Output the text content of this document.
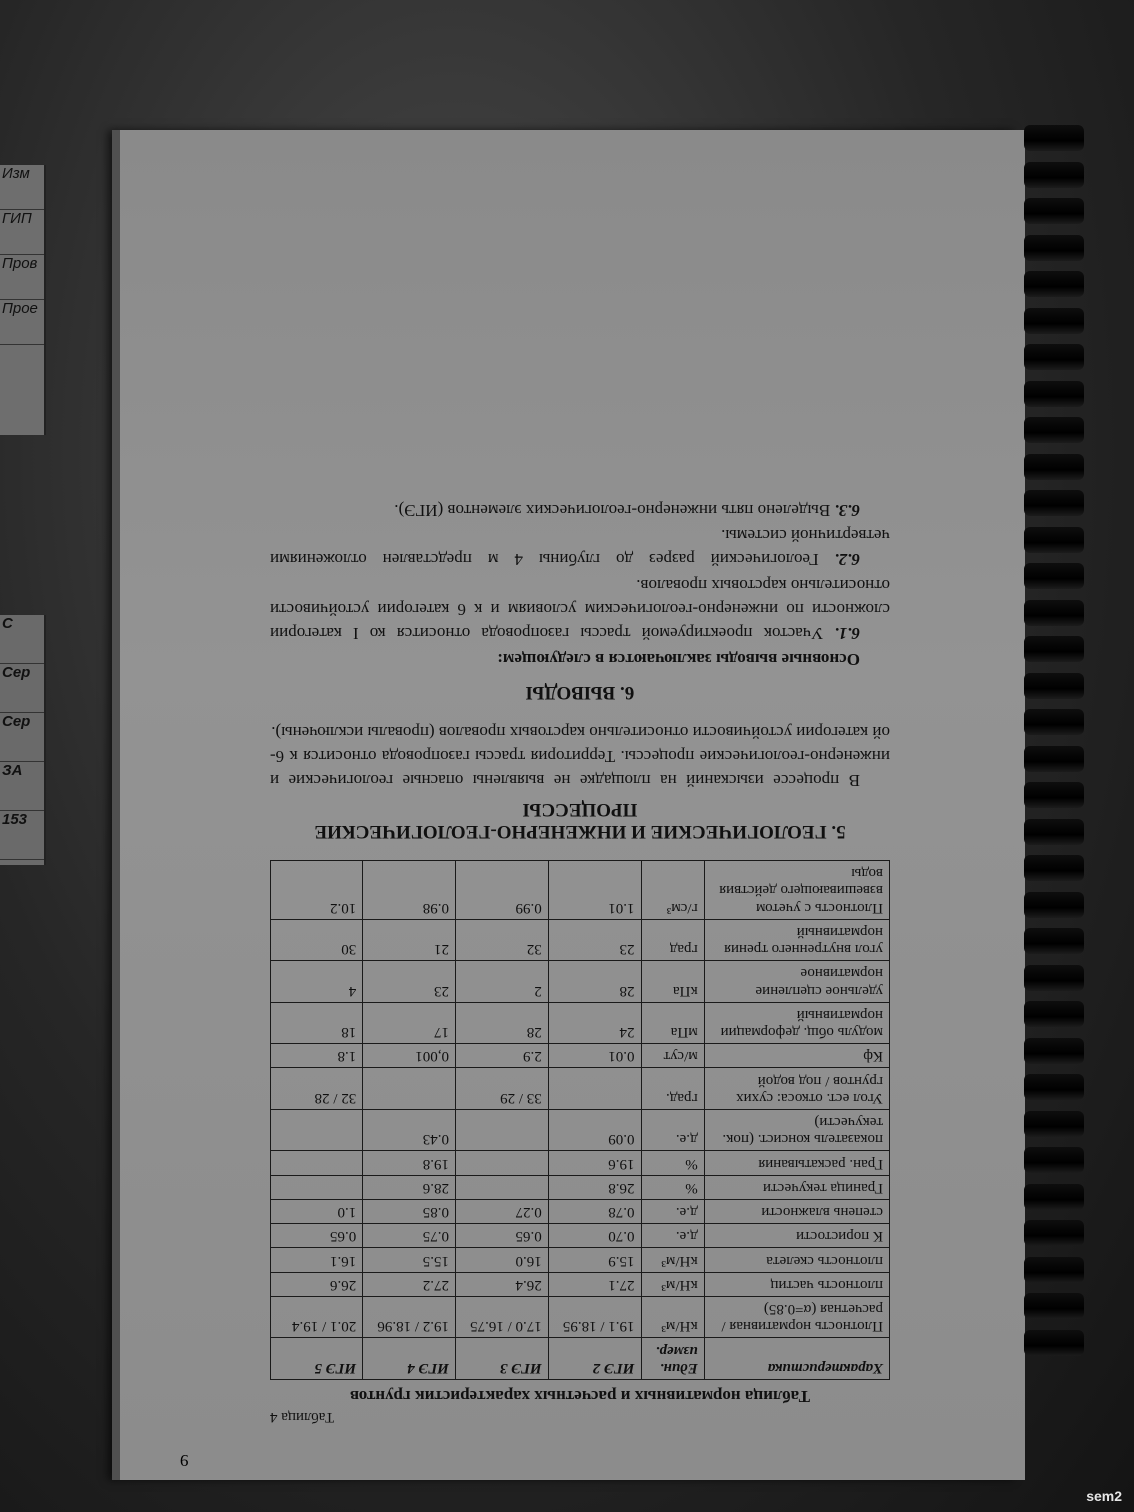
Изм
ГИП
Пров
Прое
С
Сер
Сер
ЗА
153
9
Таблица 4
Таблица нормативных и расчетных характеристик грунтов
Характеристика	Един. измер.	ИГЭ 2	ИГЭ 3	ИГЭ 4	ИГЭ 5
Плотность нормативная / расчетная (α=0.85)	кН/м³	19.1 / 18.95	17.0 / 16.75	19.2 / 18.96	20.1 / 19.4
плотность частиц	кН/м³	27.1	26.4	27.2	26.6
плотность скелета	кН/м³	15.9	16.0	15.5	16.1
К пористости	д.е.	0.70	0.65	0.75	0.65
степень влажности	д.е.	0.78	0.27	0.85	1.0
Граница текучести	%	26.8		28.6	
Гран. раскатывания	%	19.6		19.8	
показатель консист. (пок. текучести)	д.е.	0.09		0.43	
Угол ест. откоса: сухих грунтов / под водой	град.		33 / 29		32 / 28
Кф	м/сут	0.01	2.9	0,001	1.8
модуль общ. деформации нормативный	мПа	24	28	17	18
удельное сцепление нормативное	кПа	28	2	23	4
угол внутреннего трения нормативный	град	23	32	21	30
Плотность с учетом взвешивающего действия воды	г/см³	1.01	0.99	0.98	10.2
5. ГЕОЛОГИЧЕСКИЕ И ИНЖЕНЕРНО-ГЕОЛОГИЧЕСКИЕ ПРОЦЕССЫ

В процессе изысканий на площадке не выявлены опасные геологические и инженерно-геологические процессы. Территория трассы газопровода относится к 6-ой категории устойчивости относительно карстовых провалов (провалы исключены).

6. ВЫВОДЫ

Основные выводы заключаются в следующем:

6.1. Участок проектируемой трассы газопровода относится ко I категории сложности по инженерно-геологическим условиям и к 6 категории устойчивости относительно карстовых провалов.

6.2. Геологический разрез до глубины 4 м представлен отложениями четвертичной системы.

6.3. Выделено пять инженерно-геологических элементов (ИГЭ).

sem2
